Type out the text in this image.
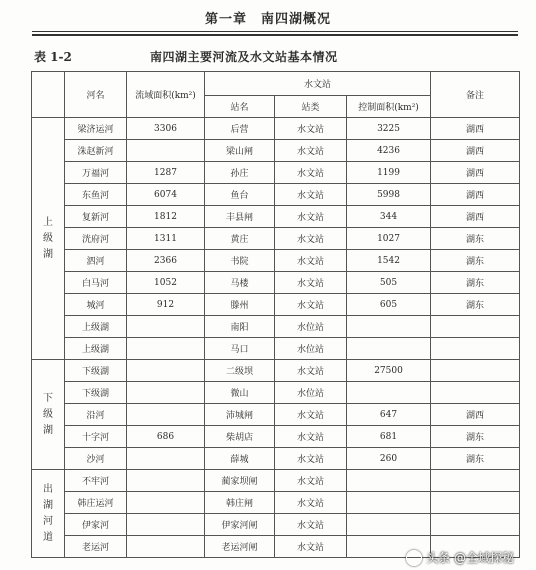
第一章　南四湖概况
表 1-2	南四湖主要河流及水文站基本情况
	河名	流域面积(km²)	水文站			备注
			站名	站类	控制面积(km²)	

上
级
湖	梁济运河	3306	后营	水文站	3225	湖西
	洙赵新河		梁山闸	水文站	4236	湖西
	万福河	1287	孙庄	水文站	1199	湖西
	东鱼河	6074	鱼台	水文站	5998	湖西
	复新河	1812	丰县闸	水文站	344	湖西
	洸府河	1311	黄庄	水文站	1027	湖东
	泗河	2366	书院	水文站	1542	湖东
	白马河	1052	马楼	水文站	505	湖东
	城河	912	滕州	水文站	605	湖东
	上级湖		南阳	水位站		
	上级湖		马口	水位站		

下
级
湖	下级湖		二级坝	水文站	27500	
	下级湖		微山	水位站		
	沿河		沛城闸	水文站	647	湖西
	十字河	686	柴胡店	水文站	681	湖东
	沙河		薛城	水文站	260	湖东

出
湖
河
道	不牢河		蔺家坝闸	水文站		
	韩庄运河		韩庄闸	水文站		
	伊家河		伊家河闸	水文站		
	老运河		老运河闸	水文站		
头条 @全域探秘
